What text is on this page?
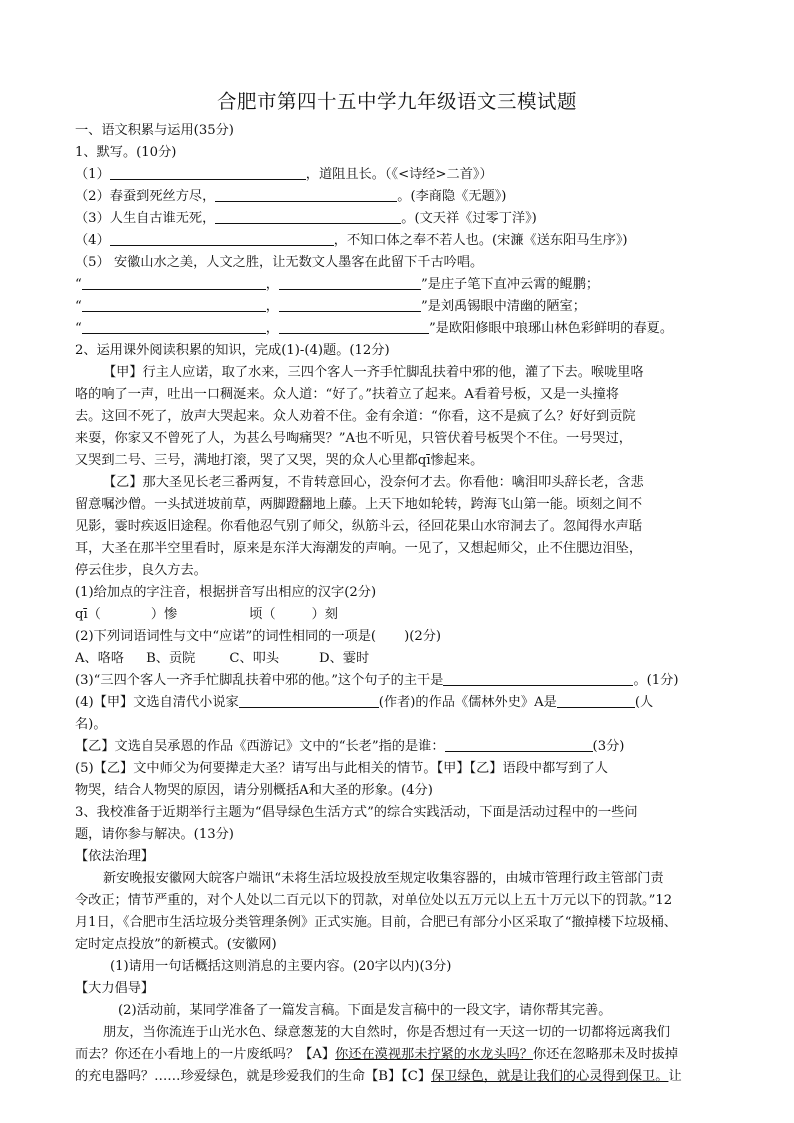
合肥市第四十五中学九年级语文三模试题
一、语文积累与运用(35分)
1、默写。(10分)
（1）	，道阻且长。（《<诗经>二首》）
（2）春蚕到死丝方尽，	。(李商隐《无题》)
（3）人生自古谁无死，	。(文天祥《过零丁洋》)
（4）	，不知口体之奉不若人也。(宋濂《送东阳马生序》)
（5） 安徽山水之美，人文之胜，让无数文人墨客在此留下千古吟唱。
“	，	”是庄子笔下直冲云霄的鲲鹏；
“	，	”是刘禹锡眼中清幽的陋室；
“	，	”是欧阳修眼中琅琊山林色彩鲜明的春夏。
2、运用课外阅读积累的知识，完成(1)-(4)题。(12分)
【甲】行主人应诺，取了水来，三四个客人一齐手忙脚乱扶着中邪的他，灌了下去。喉咙里咯
咯的响了一声，吐出一口稠涎来。众人道：“好了。”扶着立了起来。A看着号板，又是一头撞将
去。这回不死了，放声大哭起来。众人劝着不住。金有余道：“你看，这不是疯了么？好好到贡院
来耍，你家又不曾死了人，为甚么号啕痛哭？”A也不听见，只管伏着号板哭个不住。一号哭过，
又哭到二号、三号，满地打滚，哭了又哭，哭的众人心里都qī惨起来。
【乙】那大圣见长老三番两复，不肯转意回心，没奈何才去。你看他：噙泪叩头辞长老，含悲
留意嘱沙僧。一头拭迸坡前草，两脚蹬翻地上藤。上天下地如轮转，跨海飞山第一能。顷刻之间不
见影，霎时疾返旧途程。你看他忍气别了师父，纵筋斗云，径回花果山水帘洞去了。忽闻得水声聒
耳，大圣在那半空里看时，原来是东洋大海潮发的声响。一见了，又想起师父，止不住腮边泪坠，
停云住步，良久方去。
(1)给加点的字注音，根据拼音写出相应的汉字(2分)
qī（	）惨	顷（	）刻
(2)下列词语词性与文中“应诺”的词性相同的一项是( )(2分)
A、咯咯 B、贡院	C、叩头	D、霎时
(3)“三四个客人一齐手忙脚乱扶着中邪的他。”这个句子的主干是	。(1分)
(4)【甲】文选自清代小说家	(作者)的作品《儒林外史》A是	(人
名)。
【乙】文选自吴承恩的作品《西游记》文中的“长老”指的是谁：	(3分)
(5)【乙】文中师父为何要撵走大圣？请写出与此相关的情节。【甲】【乙】语段中都写到了人
物哭，结合人物哭的原因，请分别概括A和大圣的形象。(4分)
3、我校准备于近期举行主题为“倡导绿色生活方式”的综合实践活动，下面是活动过程中的一些问
题，请你参与解决。(13分)
【依法治理】
新安晚报安徽网大皖客户端讯“未将生活垃圾投放至规定收集容器的，由城市管理行政主管部门责
令改正；情节严重的，对个人处以二百元以下的罚款，对单位处以五万元以上五十万元以下的罚款。”12
月1日，《合肥市生活垃圾分类管理条例》正式实施。目前，合肥已有部分小区采取了“撤掉楼下垃圾桶、
定时定点投放”的新模式。(安徽网)
(1)请用一句话概括这则消息的主要内容。(20字以内)(3分)
【大力倡导】
(2)活动前，某同学准备了一篇发言稿。下面是发言稿中的一段文字，请你帮其完善。
朋友，当你流连于山光水色、绿意葱茏的大自然时，你是否想过有一天这一切的一切都将远离我们
而去？你还在小看地上的一片废纸吗？【A】你还在漠视那未拧紧的水龙头吗？你还在忽略那未及时拔掉
的充电器吗？……珍爱绿色，就是珍爱我们的生命【B】【C】保卫绿色，就是让我们的心灵得到保卫。让
